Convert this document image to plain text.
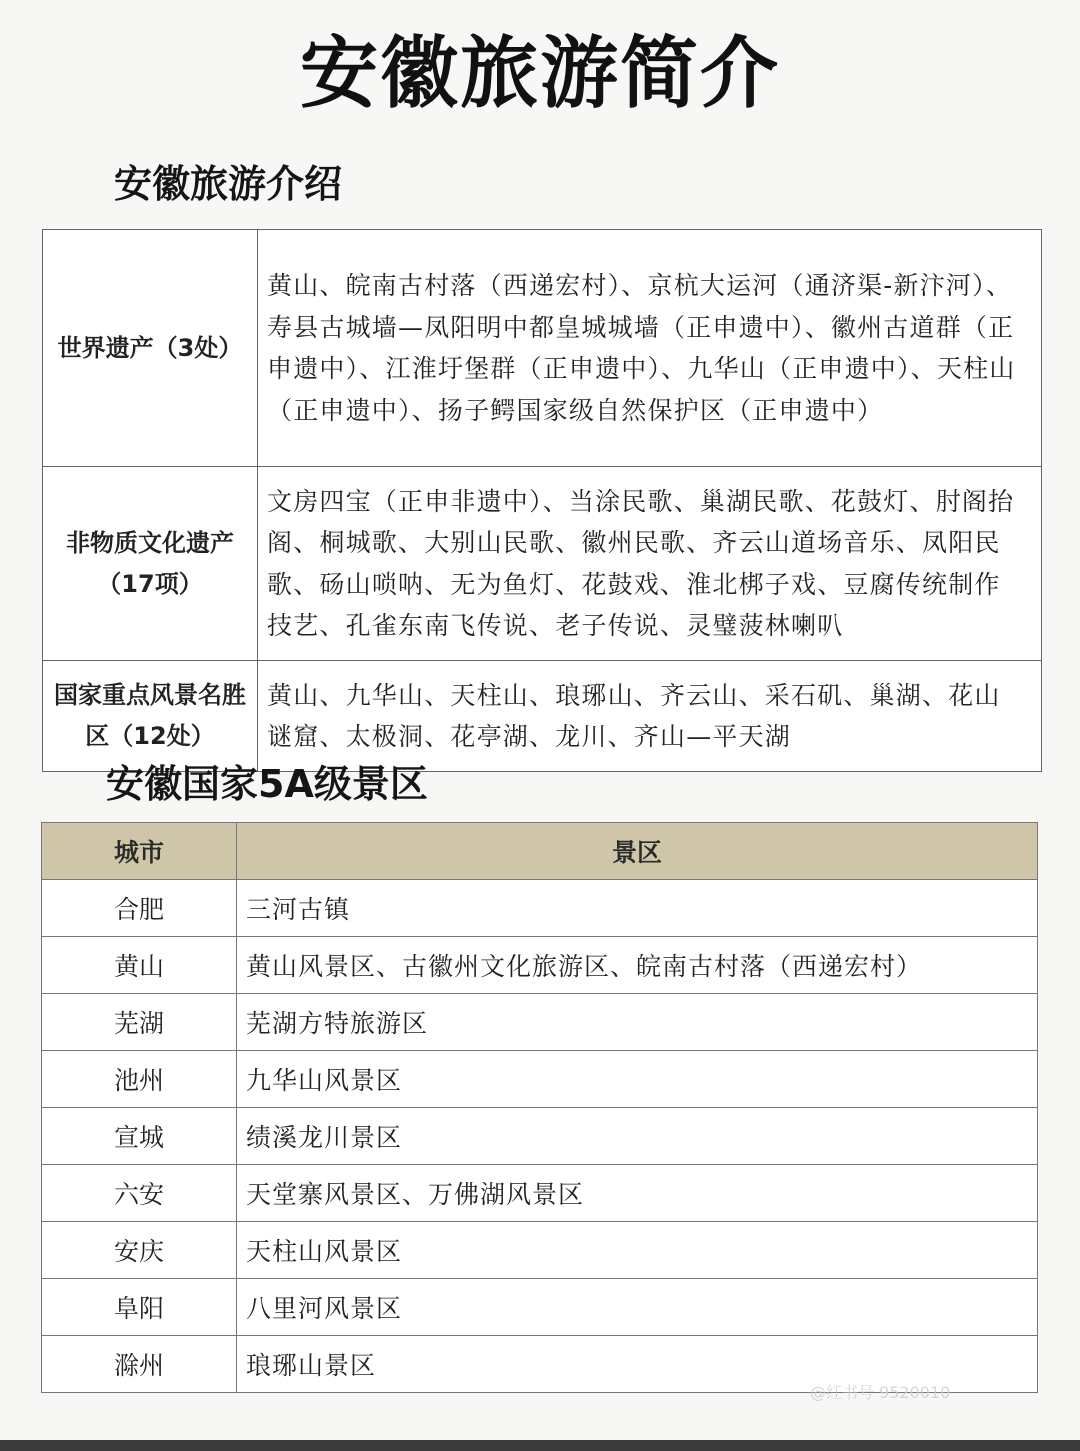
安徽旅游简介
安徽旅游介绍
世界遗产（3处）	黄山、皖南古村落（西递宏村）、京杭大运河（通济渠-新汴河）、寿县古城墙—凤阳明中都皇城城墙（正申遗中）、徽州古道群（正申遗中）、江淮圩堡群（正申遗中）、九华山（正申遗中）、天柱山（正申遗中）、扬子鳄国家级自然保护区（正申遗中）
非物质文化遗产（17项）	文房四宝（正申非遗中）、当涂民歌、巢湖民歌、花鼓灯、肘阁抬阁、桐城歌、大别山民歌、徽州民歌、齐云山道场音乐、凤阳民歌、砀山唢呐、无为鱼灯、花鼓戏、淮北梆子戏、豆腐传统制作技艺、孔雀东南飞传说、老子传说、灵璧菠林喇叭
国家重点风景名胜区（12处）	黄山、九华山、天柱山、琅琊山、齐云山、采石矶、巢湖、花山谜窟、太极洞、花亭湖、龙川、齐山—平天湖
安徽国家5A级景区
城市	景区
合肥	三河古镇
黄山	黄山风景区、古徽州文化旅游区、皖南古村落（西递宏村）
芜湖	芜湖方特旅游区
池州	九华山风景区
宣城	绩溪龙川景区
六安	天堂寨风景区、万佛湖风景区
安庆	天柱山风景区
阜阳	八里河风景区
滁州	琅琊山景区
@红书号 9520010
